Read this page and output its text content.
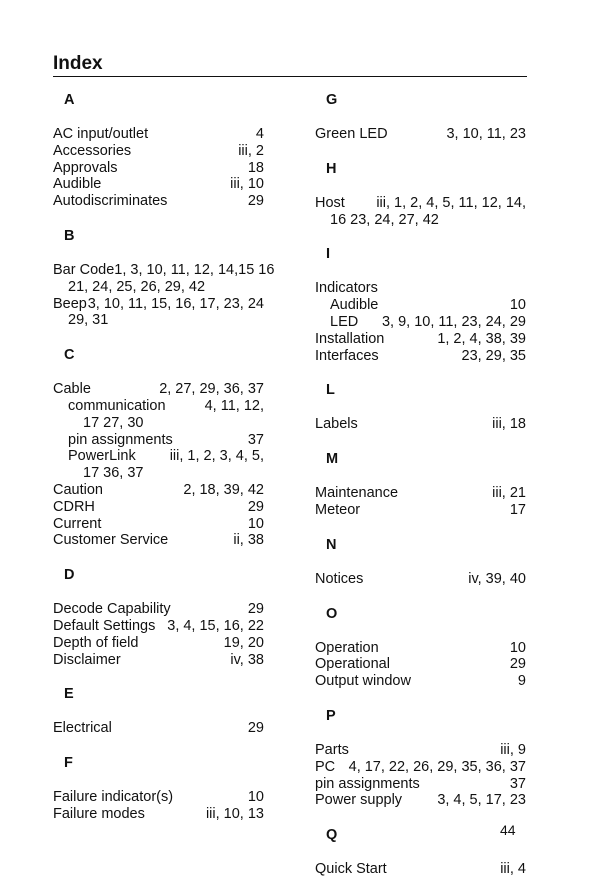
Index
A
AC input/outlet	4
Accessories	iii, 2
Approvals	18
Audible	iii, 10
Autodiscriminates	29
B
Bar Code 1, 3, 10, 11, 12, 14,15 16
21, 24, 25, 26, 29, 42
Beep 3, 10, 11, 15, 16, 17, 23, 24
29, 31
C
Cable	2, 27, 29, 36, 37
communication	4, 11, 12,
17 27, 30
pin assignments	37
PowerLink iii, 1, 2, 3, 4, 5,
17 36, 37
Caution	2, 18, 39, 42
CDRH	29
Current	10
Customer Service	ii, 38
D
Decode Capability	29
Default Settings 3, 4, 15, 16, 22
Depth of field	19, 20
Disclaimer	iv, 38
E
Electrical	29
F
Failure indicator(s)	10
Failure modes	iii, 10, 13
G
Green LED	3, 10, 11, 23
H
Host iii, 1, 2, 4, 5, 11, 12, 14,
16 23, 24, 27, 42
I
Indicators
Audible	10
LED 3, 9, 10, 11, 23, 24, 29
Installation	1, 2, 4, 38, 39
Interfaces	23, 29, 35
L
Labels	iii, 18
M
Maintenance	iii, 21
Meteor	17
N
Notices	iv, 39, 40
O
Operation	10
Operational	29
Output window	9
P
Parts	iii, 9
PC 4, 17, 22, 26, 29, 35, 36, 37
pin assignments	37
Power supply 3, 4, 5, 17, 23
Q
Quick Start	iii, 4
44
